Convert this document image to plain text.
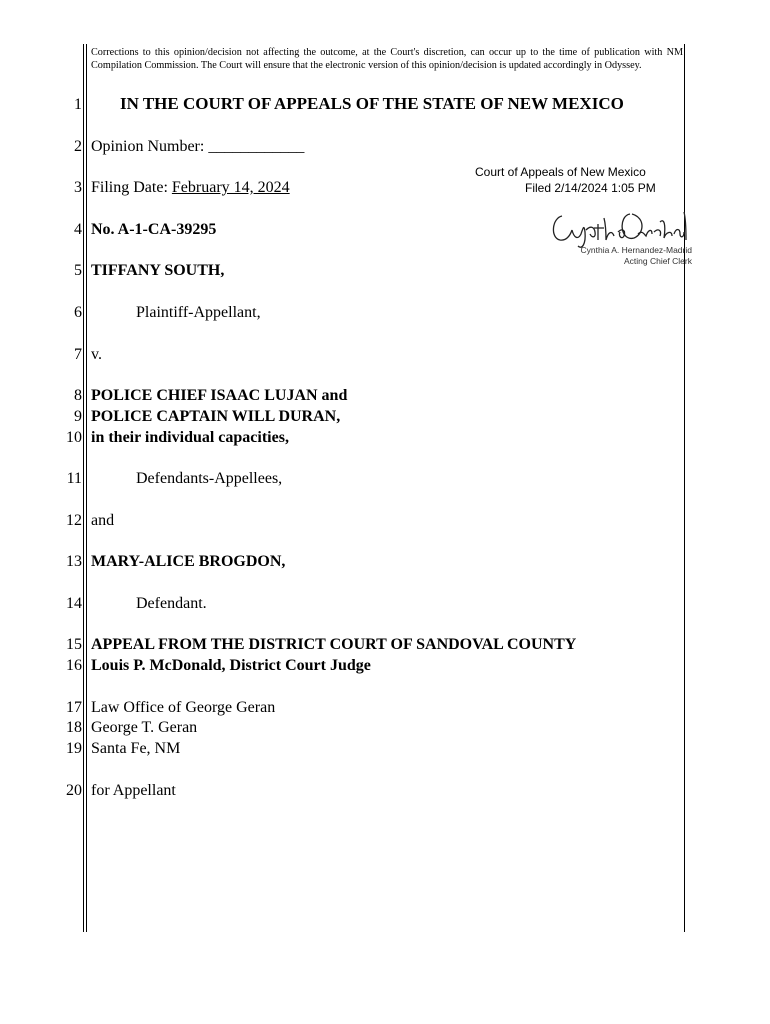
Corrections to this opinion/decision not affecting the outcome, at the Court's discretion, can occur up to the time of publication with NM Compilation Commission. The Court will ensure that the electronic version of this opinion/decision is updated accordingly in Odyssey.
1
2
3
4
5
6
7
8
9
10
11
12
13
14
15
16
17
18
19
20
IN THE COURT OF APPEALS OF THE STATE OF NEW MEXICO
Opinion Number: ____________
Filing Date: February 14, 2024
No. A-1-CA-39295
TIFFANY SOUTH,
Plaintiff-Appellant,
v.
POLICE CHIEF ISAAC LUJAN and
POLICE CAPTAIN WILL DURAN,
in their individual capacities,
Defendants-Appellees,
and
MARY-ALICE BROGDON,
Defendant.
APPEAL FROM THE DISTRICT COURT OF SANDOVAL COUNTY
Louis P. McDonald, District Court Judge
Law Office of George Geran
George T. Geran
Santa Fe, NM
for Appellant
Court of Appeals of New Mexico
Filed 2/14/2024 1:05 PM
Cynthia A. Hernandez-Madrid
Acting Chief Clerk
